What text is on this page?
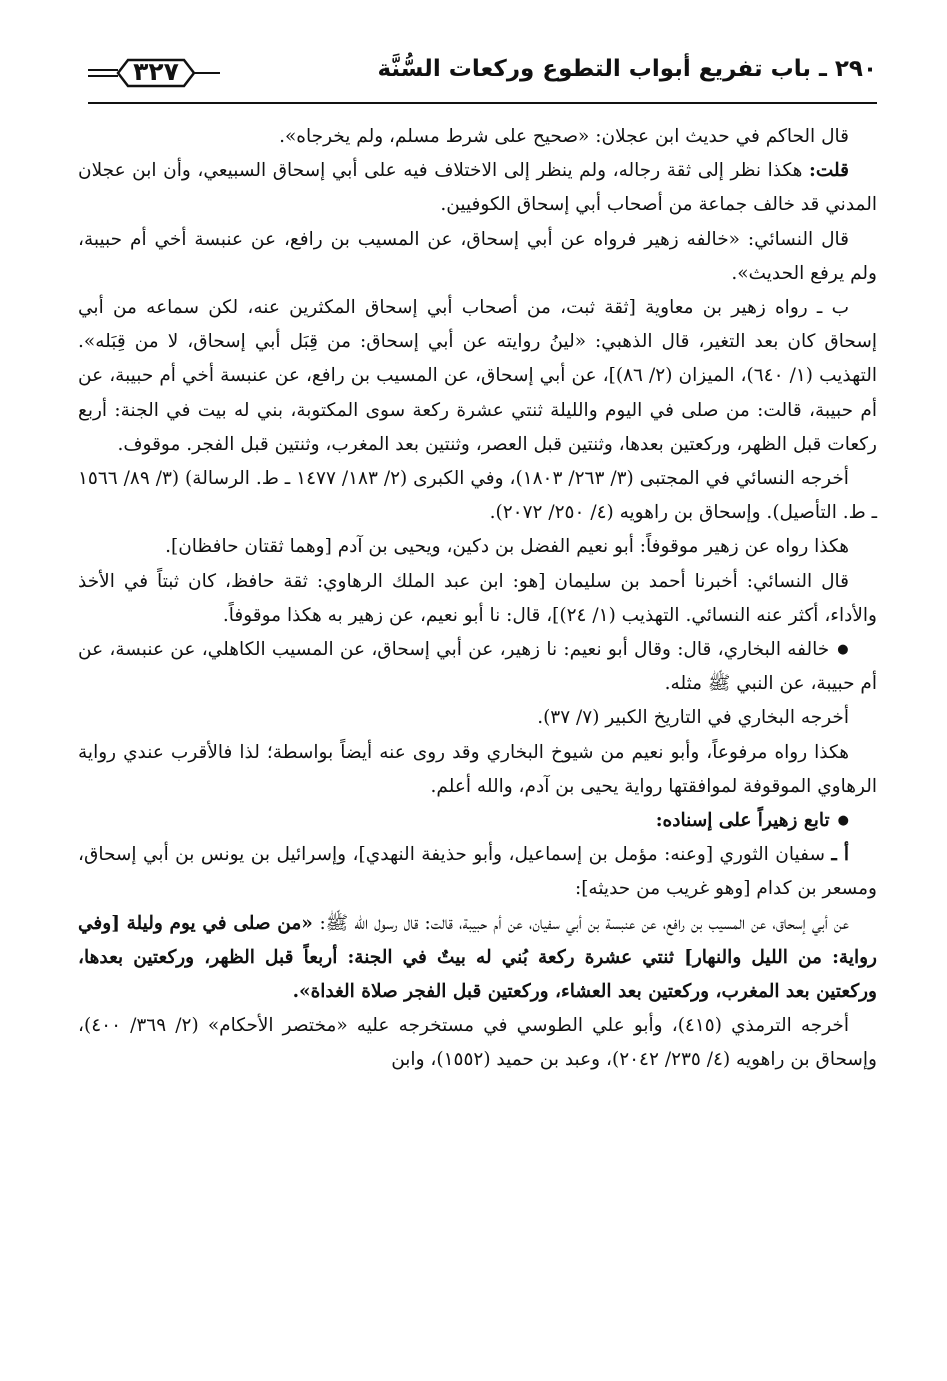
٢٩٠ ـ باب تفريع أبواب التطوع وركعات السُّنَّة
٣٢٧

قال الحاكم في حديث ابن عجلان: «صحيح على شرط مسلم، ولم يخرجاه».

قلت: هكذا نظر إلى ثقة رجاله، ولم ينظر إلى الاختلاف فيه على أبي إسحاق السبيعي، وأن ابن عجلان المدني قد خالف جماعة من أصحاب أبي إسحاق الكوفيين.

قال النسائي: «خالفه زهير فرواه عن أبي إسحاق، عن المسيب بن رافع، عن عنبسة أخي أم حبيبة، ولم يرفع الحديث».

ب ـ رواه زهير بن معاوية [ثقة ثبت، من أصحاب أبي إسحاق المكثرين عنه، لكن سماعه من أبي إسحاق كان بعد التغير، قال الذهبي: «لينُ روايته عن أبي إسحاق: من قِبَل أبي إسحاق، لا من قِبَله». التهذيب (١/ ٦٤٠)، الميزان (٢/ ٨٦)]، عن أبي إسحاق، عن المسيب بن رافع، عن عنبسة أخي أم حبيبة، عن أم حبيبة، قالت: من صلى في اليوم والليلة ثنتي عشرة ركعة سوى المكتوبة، بني له بيت في الجنة: أربع ركعات قبل الظهر، وركعتين بعدها، وثنتين قبل العصر، وثنتين بعد المغرب، وثنتين قبل الفجر. موقوف.

أخرجه النسائي في المجتبى (٣/ ٢٦٣/ ١٨٠٣)، وفي الكبرى (٢/ ١٨٣/ ١٤٧٧ ـ ط. الرسالة) (٣/ ٨٩/ ١٥٦٦ ـ ط. التأصيل). وإسحاق بن راهويه (٤/ ٢٥٠/ ٢٠٧٢).

هكذا رواه عن زهير موقوفاً: أبو نعيم الفضل بن دكين، ويحيى بن آدم [وهما ثقتان حافظان].

قال النسائي: أخبرنا أحمد بن سليمان [هو: ابن عبد الملك الرهاوي: ثقة حافظ، كان ثبتاً في الأخذ والأداء، أكثر عنه النسائي. التهذيب (١/ ٢٤)]، قال: نا أبو نعيم، عن زهير به هكذا موقوفاً.

● خالفه البخاري، قال: وقال أبو نعيم: نا زهير، عن أبي إسحاق، عن المسيب الكاهلي، عن عنبسة، عن أم حبيبة، عن النبي ﷺ مثله.

أخرجه البخاري في التاريخ الكبير (٧/ ٣٧).

هكذا رواه مرفوعاً، وأبو نعيم من شيوخ البخاري وقد روى عنه أيضاً بواسطة؛ لذا فالأقرب عندي رواية الرهاوي الموقوفة لموافقتها رواية يحيى بن آدم، والله أعلم.

● تابع زهيراً على إسناده:

أ ـ سفيان الثوري [وعنه: مؤمل بن إسماعيل، وأبو حذيفة النهدي]، وإسرائيل بن يونس بن أبي إسحاق، ومسعر بن كدام [وهو غريب من حديثه]:

عن أبي إسحاق، عن المسيب بن رافع، عن عنبسة بن أبي سفيان، عن أم حبيبة، قالت: قال رسول الله ﷺ: «من صلى في يوم وليلة [وفي رواية: من الليل والنهار] ثنتي عشرة ركعة بُني له بيتٌ في الجنة: أربعاً قبل الظهر، وركعتين بعدها، وركعتين بعد المغرب، وركعتين بعد العشاء، وركعتين قبل الفجر صلاة الغداة».

أخرجه الترمذي (٤١٥)، وأبو علي الطوسي في مستخرجه عليه «مختصر الأحكام» (٢/ ٣٦٩/ ٤٠٠)، وإسحاق بن راهويه (٤/ ٢٣٥/ ٢٠٤٢)، وعبد بن حميد (١٥٥٢)، وابن
